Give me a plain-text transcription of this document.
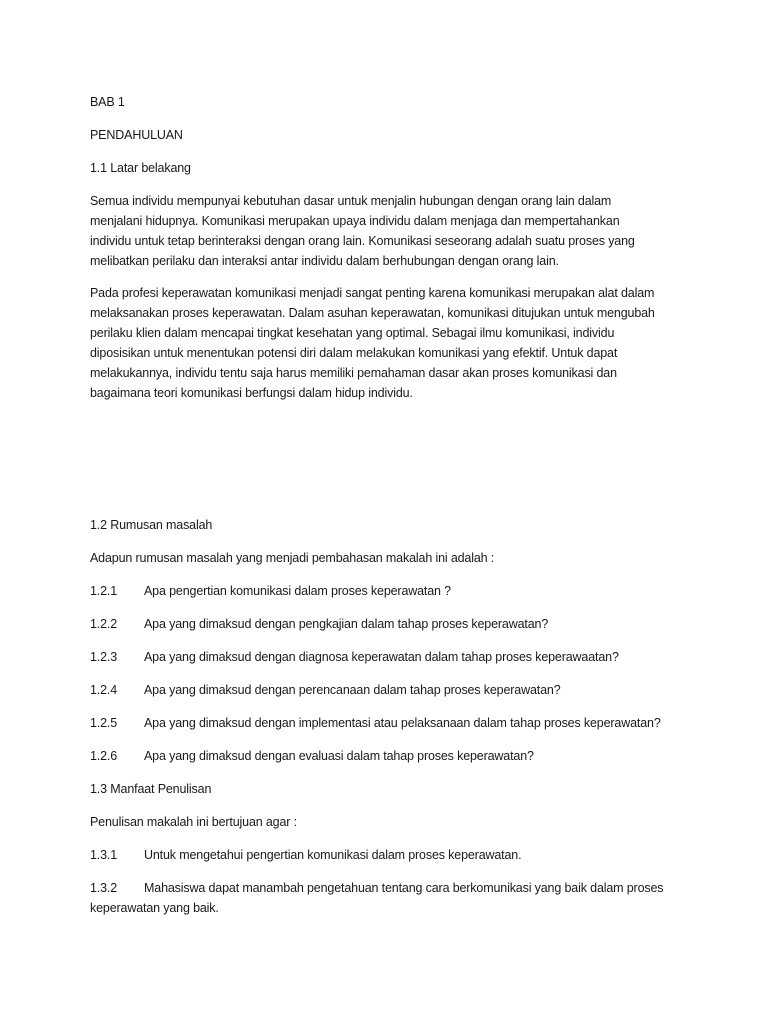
BAB 1
PENDAHULUAN
1.1 Latar belakang
Semua individu mempunyai kebutuhan dasar untuk menjalin hubungan dengan orang lain dalam
menjalani hidupnya. Komunikasi merupakan upaya individu dalam menjaga dan mempertahankan
individu untuk tetap berinteraksi dengan orang lain. Komunikasi seseorang adalah suatu proses yang
melibatkan perilaku dan interaksi antar individu dalam berhubungan dengan orang lain.
Pada profesi keperawatan komunikasi menjadi sangat penting karena komunikasi merupakan alat dalam
melaksanakan proses keperawatan. Dalam asuhan keperawatan, komunikasi ditujukan untuk mengubah
perilaku klien dalam mencapai tingkat kesehatan yang optimal. Sebagai ilmu komunikasi, individu
diposisikan untuk menentukan potensi diri dalam melakukan komunikasi yang efektif. Untuk dapat
melakukannya, individu tentu saja harus memiliki pemahaman dasar akan proses komunikasi dan
bagaimana teori komunikasi berfungsi dalam hidup individu.
1.2 Rumusan masalah
Adapun rumusan masalah yang menjadi pembahasan makalah ini adalah :
1.2.1 Apa pengertian komunikasi dalam proses keperawatan ?
1.2.2 Apa yang dimaksud dengan pengkajian dalam tahap proses keperawatan?
1.2.3 Apa yang dimaksud dengan diagnosa keperawatan dalam tahap proses keperawaatan?
1.2.4 Apa yang dimaksud dengan perencanaan dalam tahap proses keperawatan?
1.2.5 Apa yang dimaksud dengan implementasi atau pelaksanaan dalam tahap proses keperawatan?
1.2.6 Apa yang dimaksud dengan evaluasi dalam tahap proses keperawatan?
1.3 Manfaat Penulisan
Penulisan makalah ini bertujuan agar :
1.3.1 Untuk mengetahui pengertian komunikasi dalam proses keperawatan.
1.3.2 Mahasiswa dapat manambah pengetahuan tentang cara berkomunikasi yang baik dalam proses
keperawatan yang baik.
